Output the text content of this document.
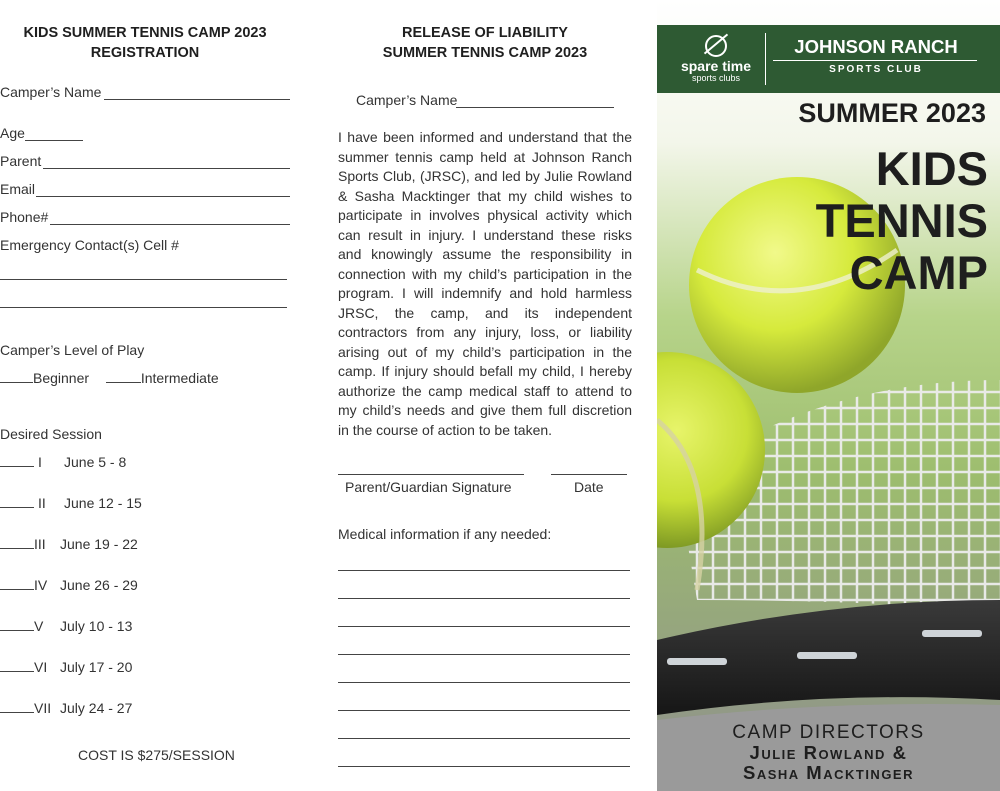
KIDS SUMMER TENNIS CAMP 2023
REGISTRATION
Camper’s Name
Age
Parent
Email
Phone#
Emergency Contact(s) Cell #
Camper’s Level of Play
Beginner	Intermediate
Desired Session
I June 5 - 8
II June 12 - 15
III June 19 - 22
IV June 26 - 29
V July 10 - 13
VI July 17 - 20
VII July 24 - 27
COST IS $275/SESSION
RELEASE OF LIABILITY
SUMMER TENNIS CAMP 2023
Camper’s Name
I have been informed and understand that the summer tennis camp held at Johnson Ranch Sports Club, (JRSC), and led by Julie Rowland & Sasha Macktinger that my child wishes to participate in involves physical activity which can result in injury. I understand these risks and knowingly assume the responsibility in connection with my child’s participation in the program. I will indemnify and hold harmless JRSC, the camp, and its independent contractors from any injury, loss, or liability arising out of my child’s participation in the camp. If injury should befall my child, I hereby authorize the camp medical staff to attend to my child’s needs and give them full discretion in the course of action to be taken.
Parent/Guardian Signature	Date
Medical information if any needed:
spare time
sports clubs
JOHNSON RANCH
SPORTS CLUB
SUMMER 2023
KIDS
TENNIS
CAMP
CAMP DIRECTORS
Julie Rowland &
Sasha Macktinger
